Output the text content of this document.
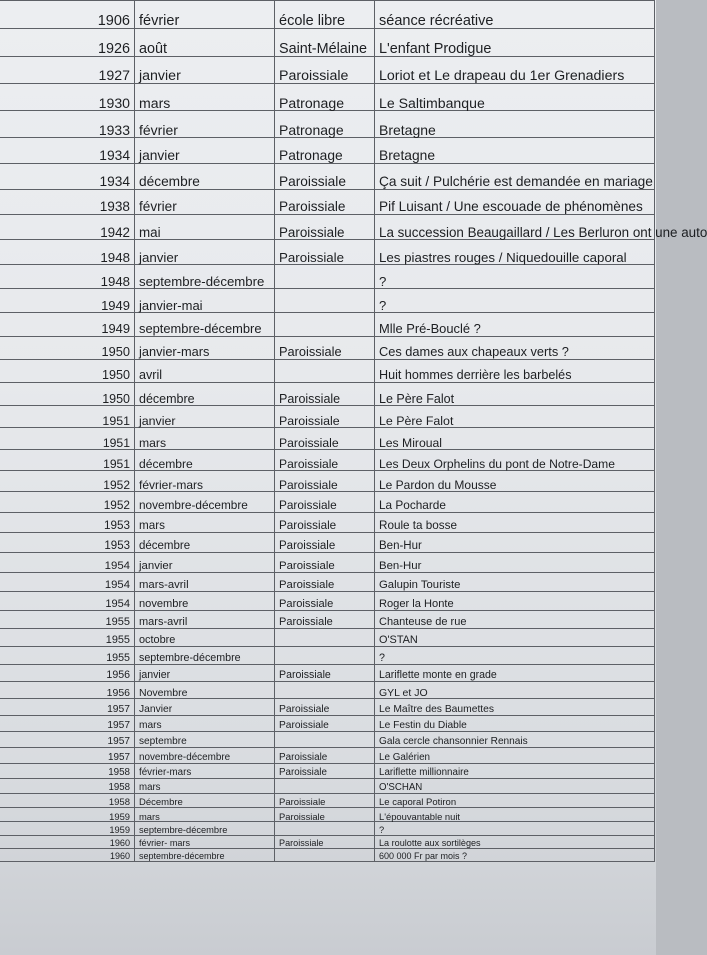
1906	février	école libre	séance récréative
1926	août	Saint-Mélaine	L'enfant Prodigue
1927	janvier	Paroissiale	Loriot et Le drapeau du 1er Grenadiers
1930	mars	Patronage	Le Saltimbanque
1933	février	Patronage	Bretagne
1934	janvier	Patronage	Bretagne
1934	décembre	Paroissiale	Ça suit / Pulchérie est demandée en mariage
1938	février	Paroissiale	Pif Luisant / Une escouade de phénomènes
1942	mai	Paroissiale	La succession Beaugaillard / Les Berluron ont une auto
1948	janvier	Paroissiale	Les piastres rouges / Niquedouille caporal
1948	septembre-décembre		?
1949	janvier-mai		?
1949	septembre-décembre		Mlle Pré-Bouclé ?
1950	janvier-mars	Paroissiale	Ces dames aux chapeaux verts ?
1950	avril		Huit hommes derrière les barbelés
1950	décembre	Paroissiale	Le Père Falot
1951	janvier	Paroissiale	Le Père Falot
1951	mars	Paroissiale	Les Miroual
1951	décembre	Paroissiale	Les Deux Orphelins du pont de Notre-Dame
1952	février-mars	Paroissiale	Le Pardon du Mousse
1952	novembre-décembre	Paroissiale	La Pocharde
1953	mars	Paroissiale	Roule ta bosse
1953	décembre	Paroissiale	Ben-Hur
1954	janvier	Paroissiale	Ben-Hur
1954	mars-avril	Paroissiale	Galupin Touriste
1954	novembre	Paroissiale	Roger la Honte
1955	mars-avril	Paroissiale	Chanteuse de rue
1955	octobre		O'STAN
1955	septembre-décembre		?
1956	janvier	Paroissiale	Lariflette monte en grade
1956	Novembre		GYL et JO
1957	Janvier	Paroissiale	Le Maître des Baumettes
1957	mars	Paroissiale	Le Festin du Diable
1957	septembre		Gala cercle chansonnier Rennais
1957	novembre-décembre	Paroissiale	Le Galérien
1958	février-mars	Paroissiale	Lariflette millionnaire
1958	mars		O'SCHAN
1958	Décembre	Paroissiale	Le caporal Potiron
1959	mars	Paroissiale	L'épouvantable nuit
1959	septembre-décembre		?
1960	février- mars	Paroissiale	La roulotte aux sortilèges
1960	septembre-décembre		600 000 Fr par mois ?
